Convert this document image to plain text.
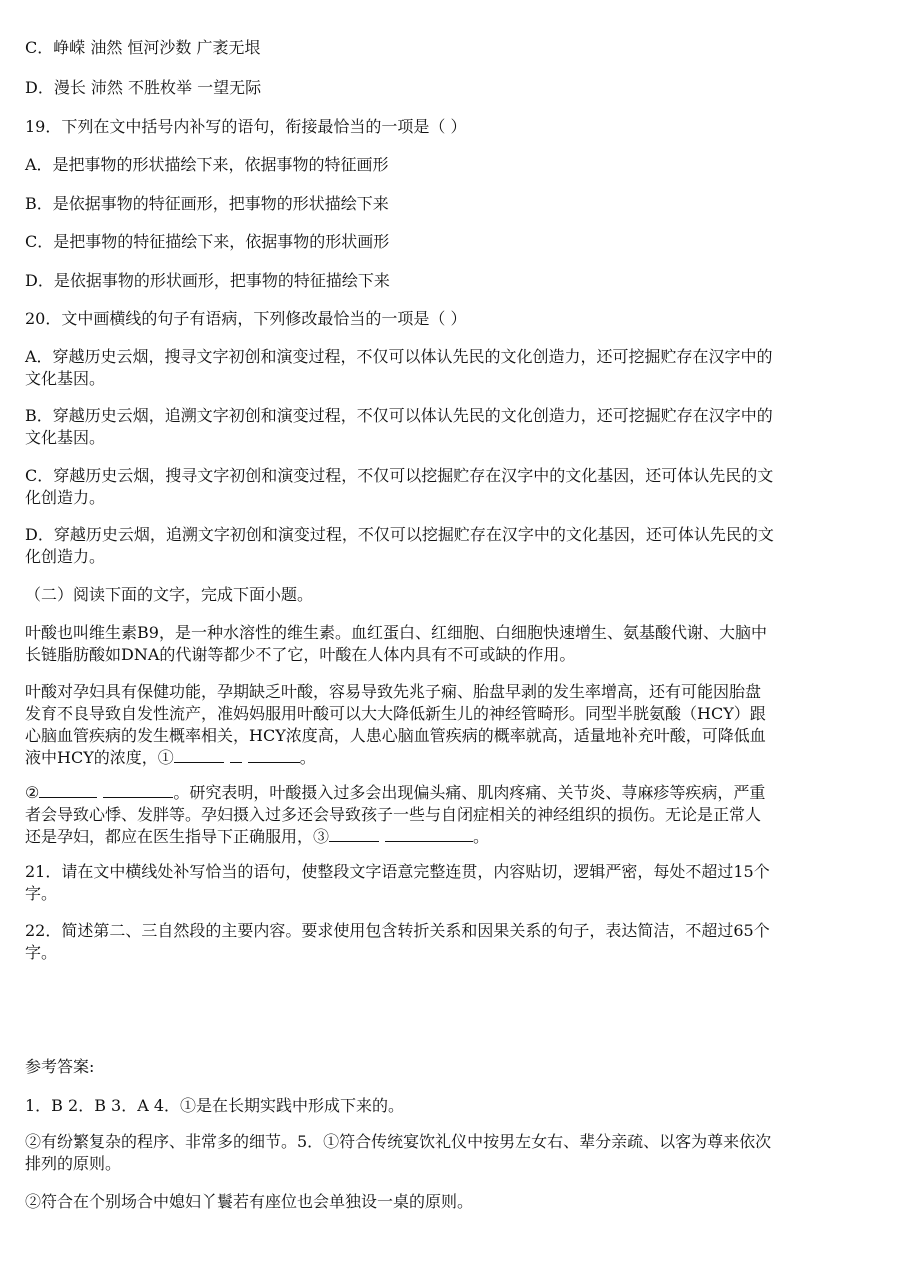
C．峥嵘 油然 恒河沙数 广袤无垠
D．漫长 沛然 不胜枚举 一望无际
19．下列在文中括号内补写的语句，衔接最恰当的一项是（ ）
A．是把事物的形状描绘下来，依据事物的特征画形
B．是依据事物的特征画形，把事物的形状描绘下来
C．是把事物的特征描绘下来，依据事物的形状画形
D．是依据事物的形状画形，把事物的特征描绘下来
20．文中画横线的句子有语病，下列修改最恰当的一项是（ ）
A．穿越历史云烟，搜寻文字初创和演变过程，不仅可以体认先民的文化创造力，还可挖掘贮存在汉字中的
文化基因。
B．穿越历史云烟，追溯文字初创和演变过程，不仅可以体认先民的文化创造力，还可挖掘贮存在汉字中的
文化基因。
C．穿越历史云烟，搜寻文字初创和演变过程，不仅可以挖掘贮存在汉字中的文化基因，还可体认先民的文
化创造力。
D．穿越历史云烟，追溯文字初创和演变过程，不仅可以挖掘贮存在汉字中的文化基因，还可体认先民的文
化创造力。
（二）阅读下面的文字，完成下面小题。
叶酸也叫维生素B9，是一种水溶性的维生素。血红蛋白、红细胞、白细胞快速增生、氨基酸代谢、大脑中
长链脂肪酸如DNA的代谢等都少不了它，叶酸在人体内具有不可或缺的作用。
叶酸对孕妇具有保健功能，孕期缺乏叶酸，容易导致先兆子痫、胎盘早剥的发生率增高，还有可能因胎盘
发育不良导致自发性流产，准妈妈服用叶酸可以大大降低新生儿的神经管畸形。同型半胱氨酸（HCY）跟
心脑血管疾病的发生概率相关，HCY浓度高，人患心脑血管疾病的概率就高，适量地补充叶酸，可降低血
液中HCY的浓度，①	。
②	。研究表明，叶酸摄入过多会出现偏头痛、肌肉疼痛、关节炎、荨麻疹等疾病，严重
者会导致心悸、发胖等。孕妇摄入过多还会导致孩子一些与自闭症相关的神经组织的损伤。无论是正常人
还是孕妇，都应在医生指导下正确服用，③	。
21．请在文中横线处补写恰当的语句，使整段文字语意完整连贯，内容贴切，逻辑严密，每处不超过15个
字。
22．简述第二、三自然段的主要内容。要求使用包含转折关系和因果关系的句子，表达简洁，不超过65个
字。
参考答案:
1．B 2．B 3．A 4．①是在长期实践中形成下来的。
②有纷繁复杂的程序、非常多的细节。5．①符合传统宴饮礼仪中按男左女右、辈分亲疏、以客为尊来依次
排列的原则。
②符合在个别场合中媳妇丫鬟若有座位也会单独设一桌的原则。
